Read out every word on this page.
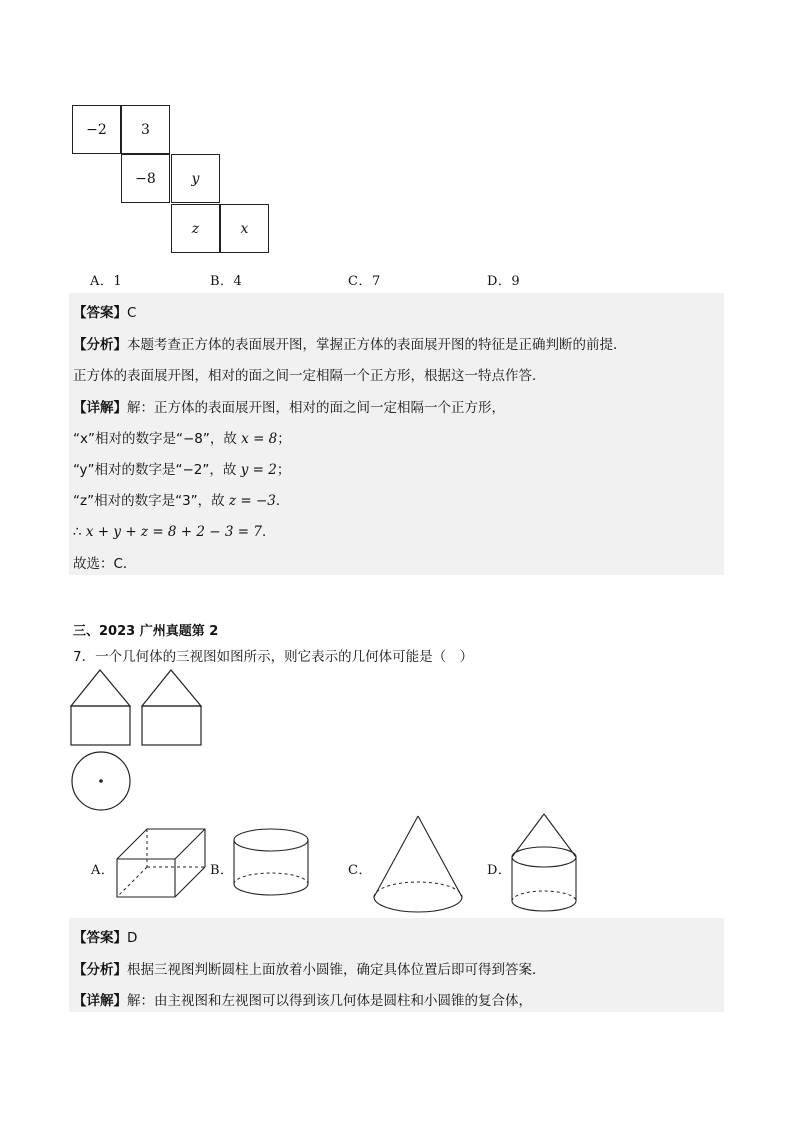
−2	3
−8	y
z	x
A．1	B．4	C．7	D．9
【答案】C
【分析】本题考查正方体的表面展开图，掌握正方体的表面展开图的特征是正确判断的前提．
正方体的表面展开图，相对的面之间一定相隔一个正方形，根据这一特点作答．
【详解】解：正方体的表面展开图，相对的面之间一定相隔一个正方形，
“x”相对的数字是“−8”，故 x = 8；
“y”相对的数字是“−2”，故 y = 2；
“z”相对的数字是“3”，故 z = −3．
∴ x + y + z = 8 + 2 − 3 = 7．
故选：C．
三、2023 广州真题第 2
7．一个几何体的三视图如图所示，则它表示的几何体可能是（　）
A．	B．	C．	D．
【答案】D
【分析】根据三视图判断圆柱上面放着小圆锥，确定具体位置后即可得到答案．
【详解】解：由主视图和左视图可以得到该几何体是圆柱和小圆锥的复合体，
